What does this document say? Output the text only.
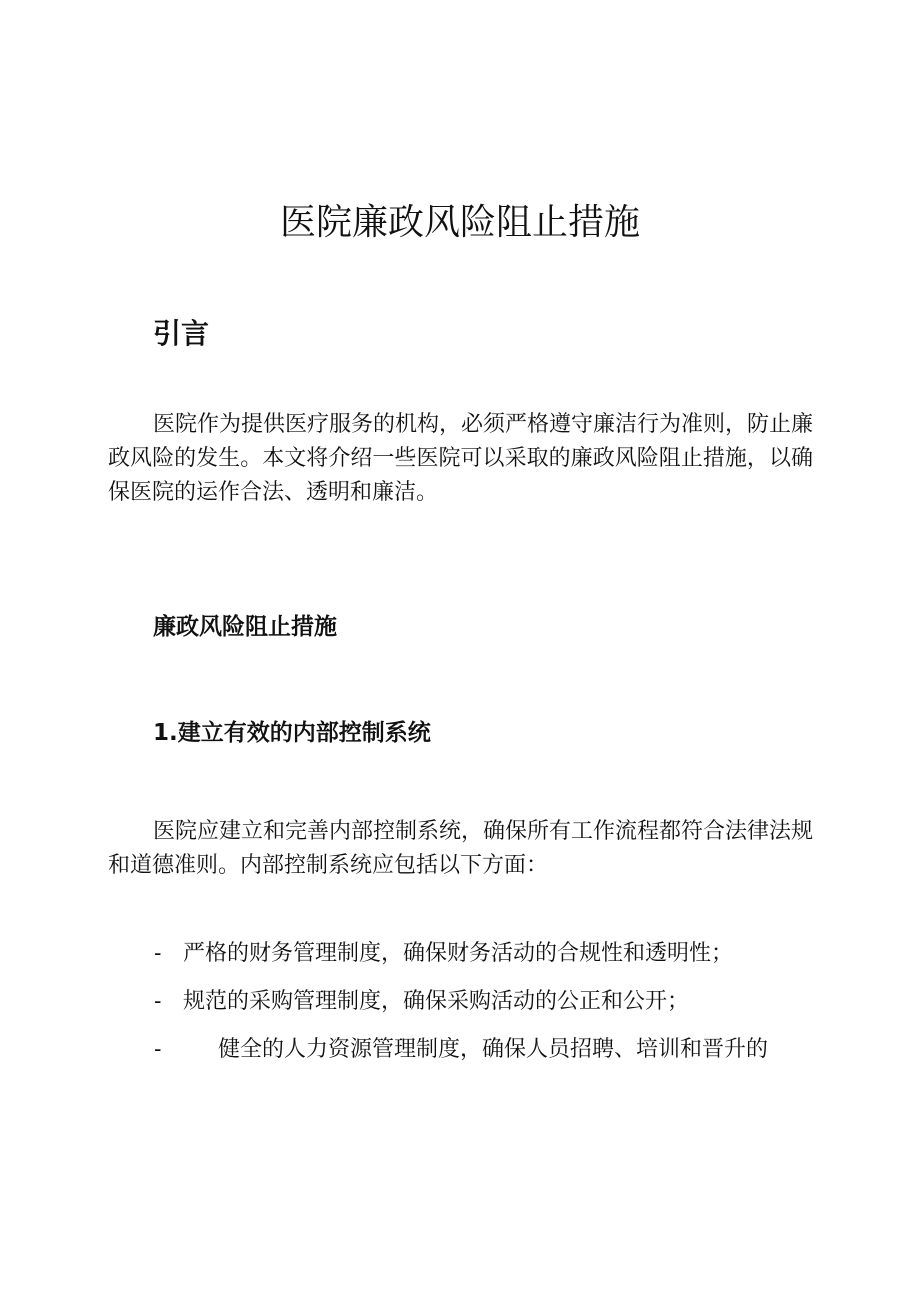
医院廉政风险阻止措施
引言

医院作为提供医疗服务的机构，必须严格遵守廉洁行为准则，防止廉政风险的发生。本文将介绍一些医院可以采取的廉政风险阻止措施，以确保医院的运作合法、透明和廉洁。

廉政风险阻止措施
1.建立有效的内部控制系统

医院应建立和完善内部控制系统，确保所有工作流程都符合法律法规和道德准则。内部控制系统应包括以下方面：

- 严格的财务管理制度，确保财务活动的合规性和透明性；
- 规范的采购管理制度，确保采购活动的公正和公开；
-	健全的人力资源管理制度，确保人员招聘、培训和晋升的
